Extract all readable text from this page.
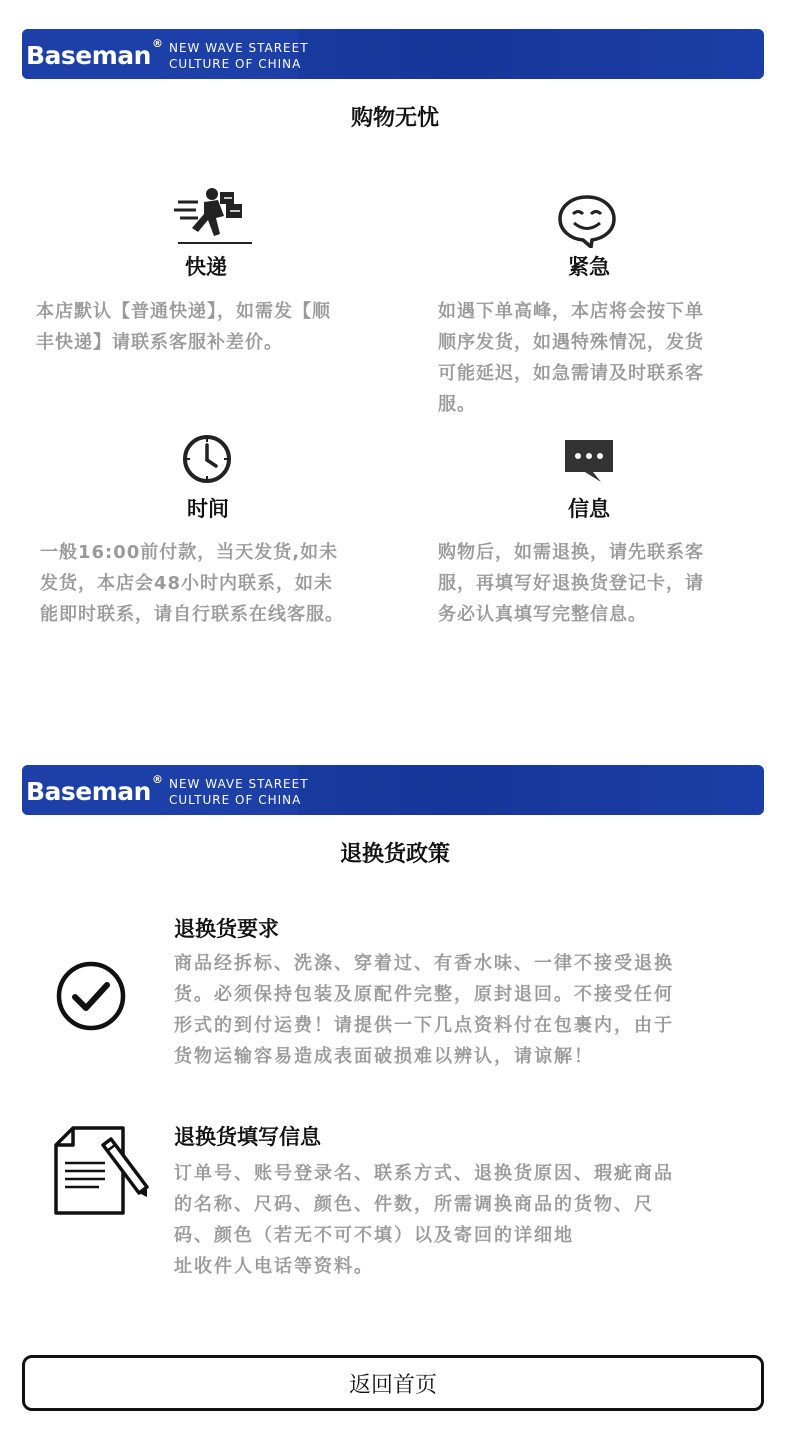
Baseman® NEW WAVE STAREET
CULTURE OF CHINA
购物无忧
快递
本店默认【普通快递】，如需发【顺
丰快递】请联系客服补差价。
紧急
如遇下单高峰，本店将会按下单
顺序发货，如遇特殊情况，发货
可能延迟，如急需请及时联系客
服。
时间
一般16:00前付款，当天发货,如未
发货，本店会48小时内联系，如未
能即时联系，请自行联系在线客服。
信息
购物后，如需退换，请先联系客
服，再填写好退换货登记卡，请
务必认真填写完整信息。
Baseman® NEW WAVE STAREET
CULTURE OF CHINA
退换货政策
退换货要求
商品经拆标、洗涤、穿着过、有香水味、一律不接受退换
货。必须保持包装及原配件完整，原封退回。不接受任何
形式的到付运费！请提供一下几点资料付在包裹内，由于
货物运输容易造成表面破损难以辨认，请谅解！
退换货填写信息
订单号、账号登录名、联系方式、退换货原因、瑕疵商品
的名称、尺码、颜色、件数，所需调换商品的货物、尺
码、颜色（若无不可不填）以及寄回的详细地
址收件人电话等资料。
返回首页
